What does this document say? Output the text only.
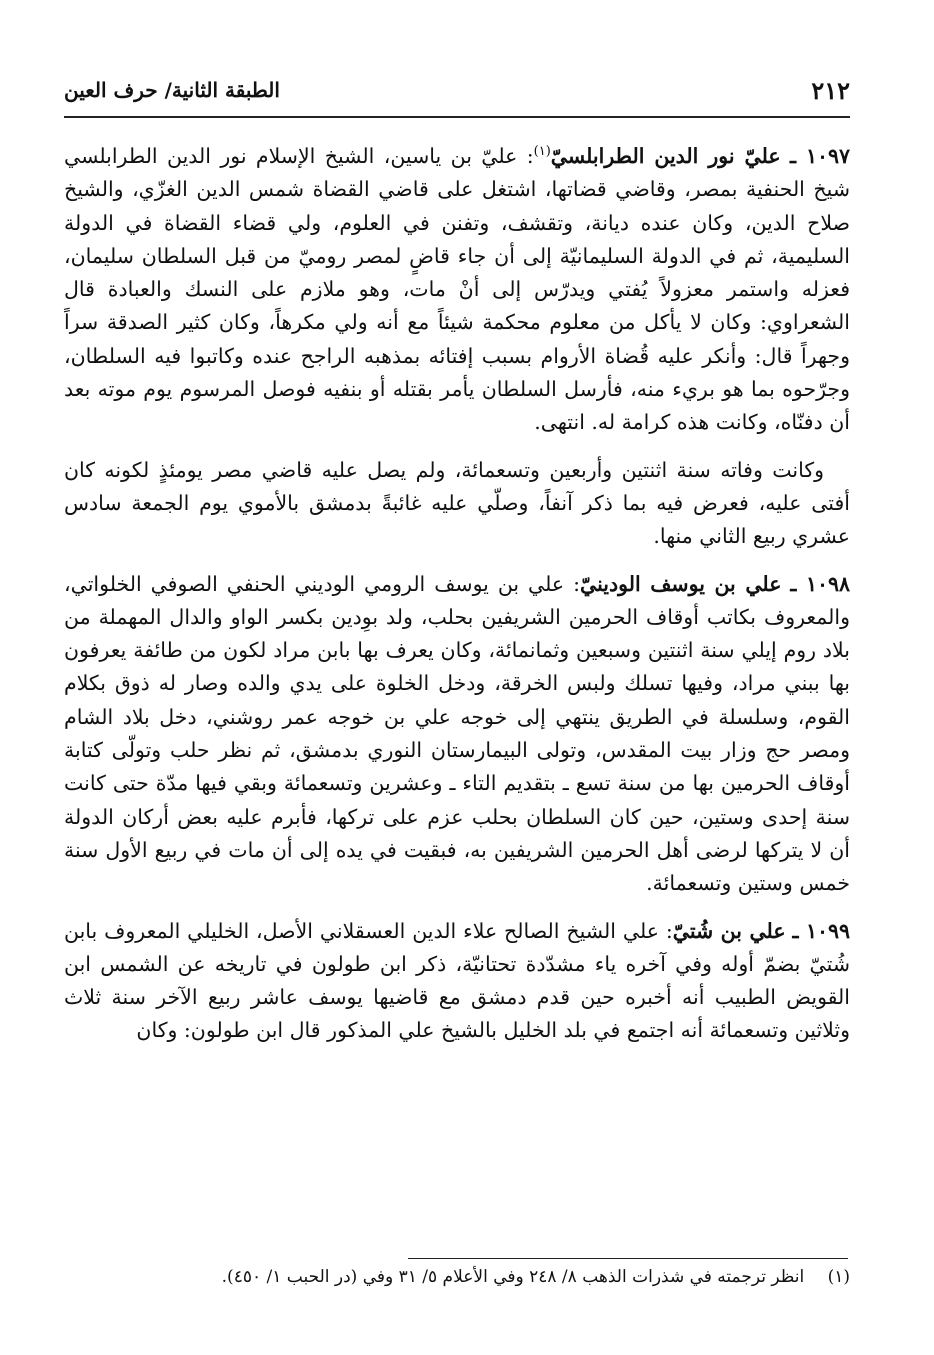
٢١٢
الطبقة الثانية/ حرف العين

١٠٩٧ ـ عليّ نور الدين الطرابلسيّ$^{(١)}$: عليّ بن ياسين، الشيخ الإسلام نور الدين الطرابلسي شيخ الحنفية بمصر، وقاضي قضاتها، اشتغل على قاضي القضاة شمس الدين الغزّي، والشيخ صلاح الدين، وكان عنده ديانة، وتقشف، وتفنن في العلوم، ولي قضاء القضاة في الدولة السليمية، ثم في الدولة السليمانيّة إلى أن جاء قاضٍ لمصر روميّ من قبل السلطان سليمان، فعزله واستمر معزولاً يُفتي ويدرّس إلى أنْ مات، وهو ملازم على النسك والعبادة قال الشعراوي: وكان لا يأكل من معلوم محكمة شيئاً مع أنه ولي مكرهاً، وكان كثير الصدقة سراً وجهراً قال: وأنكر عليه قُضاة الأروام بسبب إفتائه بمذهبه الراجح عنده وكاتبوا فيه السلطان، وجرّحوه بما هو بريء منه، فأرسل السلطان يأمر بقتله أو بنفيه فوصل المرسوم يوم موته بعد أن دفنّاه، وكانت هذه كرامة له. انتهى.

وكانت وفاته سنة اثنتين وأربعين وتسعمائة، ولم يصل عليه قاضي مصر يومئذٍ لكونه كان أفتى عليه، فعرض فيه بما ذكر آنفاً، وصلّي عليه غائبةً بدمشق بالأموي يوم الجمعة سادس عشري ربيع الثاني منها.

١٠٩٨ ـ علي بن يوسف الودينيّ: علي بن يوسف الرومي الوديني الحنفي الصوفي الخلواتي، والمعروف بكاتب أوقاف الحرمين الشريفين بحلب، ولد بوِدين بكسر الواو والدال المهملة من بلاد روم إيلي سنة اثنتين وسبعين وثمانمائة، وكان يعرف بها بابن مراد لكون من طائفة يعرفون بها ببني مراد، وفيها تسلك ولبس الخرقة، ودخل الخلوة على يدي والده وصار له ذوق بكلام القوم، وسلسلة في الطريق ينتهي إلى خوجه علي بن خوجه عمر روشني، دخل بلاد الشام ومصر حج وزار بيت المقدس، وتولى البيمارستان النوري بدمشق، ثم نظر حلب وتولّى كتابة أوقاف الحرمين بها من سنة تسع ـ بتقديم التاء ـ وعشرين وتسعمائة وبقي فيها مدّة حتى كانت سنة إحدى وستين، حين كان السلطان بحلب عزم على تركها، فأبرم عليه بعض أركان الدولة أن لا يتركها لرضى أهل الحرمين الشريفين به، فبقيت في يده إلى أن مات في ربيع الأول سنة خمس وستين وتسعمائة.

١٠٩٩ ـ علي بن شُتيّ: علي الشيخ الصالح علاء الدين العسقلاني الأصل، الخليلي المعروف بابن شُتيّ بضمّ أوله وفي آخره ياء مشدّدة تحتانيّة، ذكر ابن طولون في تاريخه عن الشمس ابن القويض الطبيب أنه أخبره حين قدم دمشق مع قاضيها يوسف عاشر ربيع الآخر سنة ثلاث وثلاثين وتسعمائة أنه اجتمع في بلد الخليل بالشيخ علي المذكور قال ابن طولون: وكان

(١) انظر ترجمته في شذرات الذهب ٨/ ٢٤٨ وفي الأعلام ٥/ ٣١ وفي (در الحبب ١/ ٤٥٠).
